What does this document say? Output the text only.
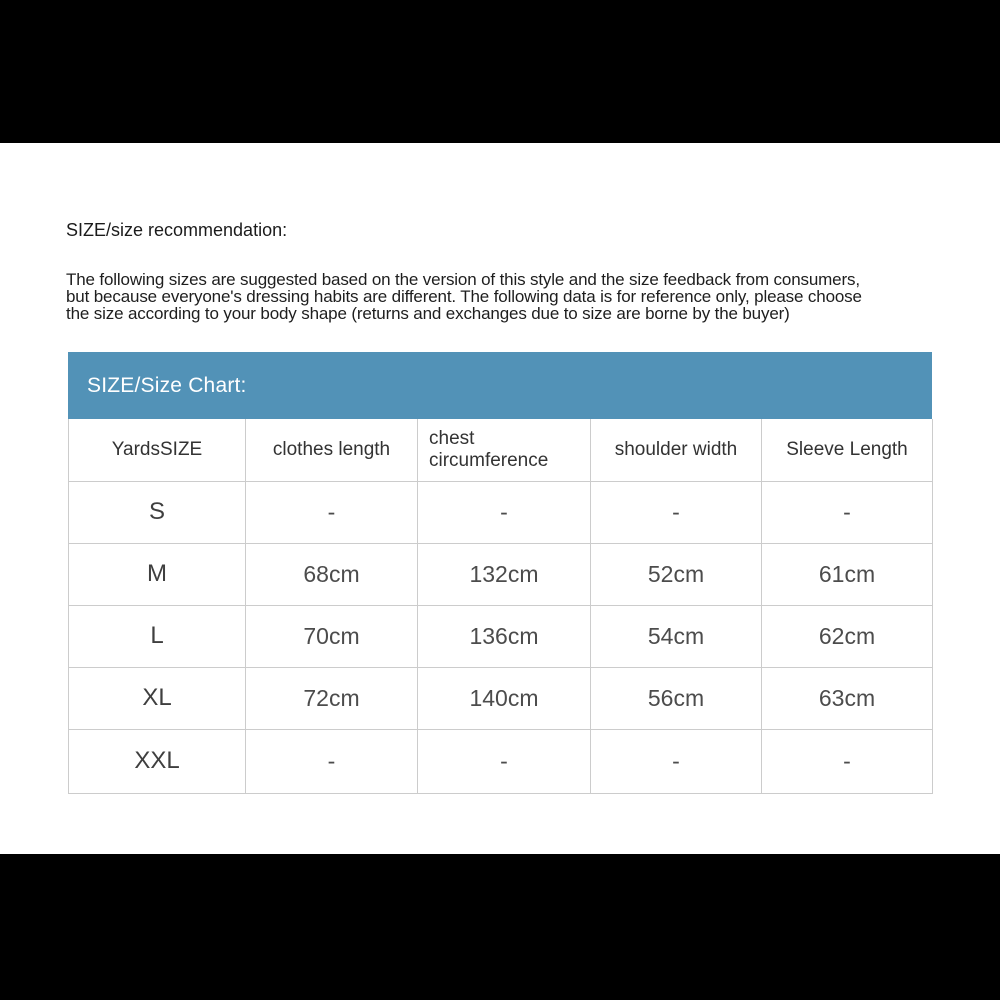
SIZE/size recommendation:
The following sizes are suggested based on the version of this style and the size feedback from consumers,
but because everyone's dressing habits are different. The following data is for reference only, please choose
the size according to your body shape (returns and exchanges due to size are borne by the buyer)
SIZE/Size Chart:
YardsSIZE	clothes length	chest circumference	shoulder width	Sleeve Length
S	-	-	-	-
M	68cm	132cm	52cm	61cm
L	70cm	136cm	54cm	62cm
XL	72cm	140cm	56cm	63cm
XXL	-	-	-	-
